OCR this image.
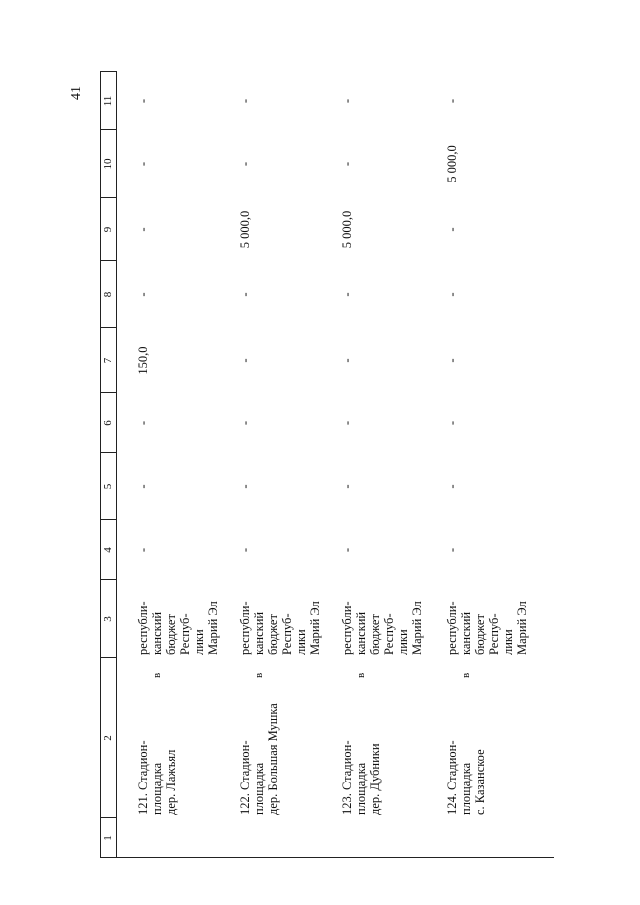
41
1
2
3
4
5
6
7
8
9
10
11
121. Стадион- площадка дер. Лажъял
в
республи- канский бюджет Респуб- лики Марий Эл
-
-
-
150,0
-
-
-
-
122. Стадион- площадка дер. Большая Мушка
в
республи- канский бюджет Респуб- лики Марий Эл
-
-
-
-
-
5 000,0
-
-
123. Стадион- площадка дер. Дубники
в
республи- канский бюджет Респуб- лики Марий Эл
-
-
-
-
-
5 000,0
-
-
124. Стадион- площадка с. Казанское
в
республи- канский бюджет Респуб- лики Марий Эл
-
-
-
-
-
-
5 000,0
-
